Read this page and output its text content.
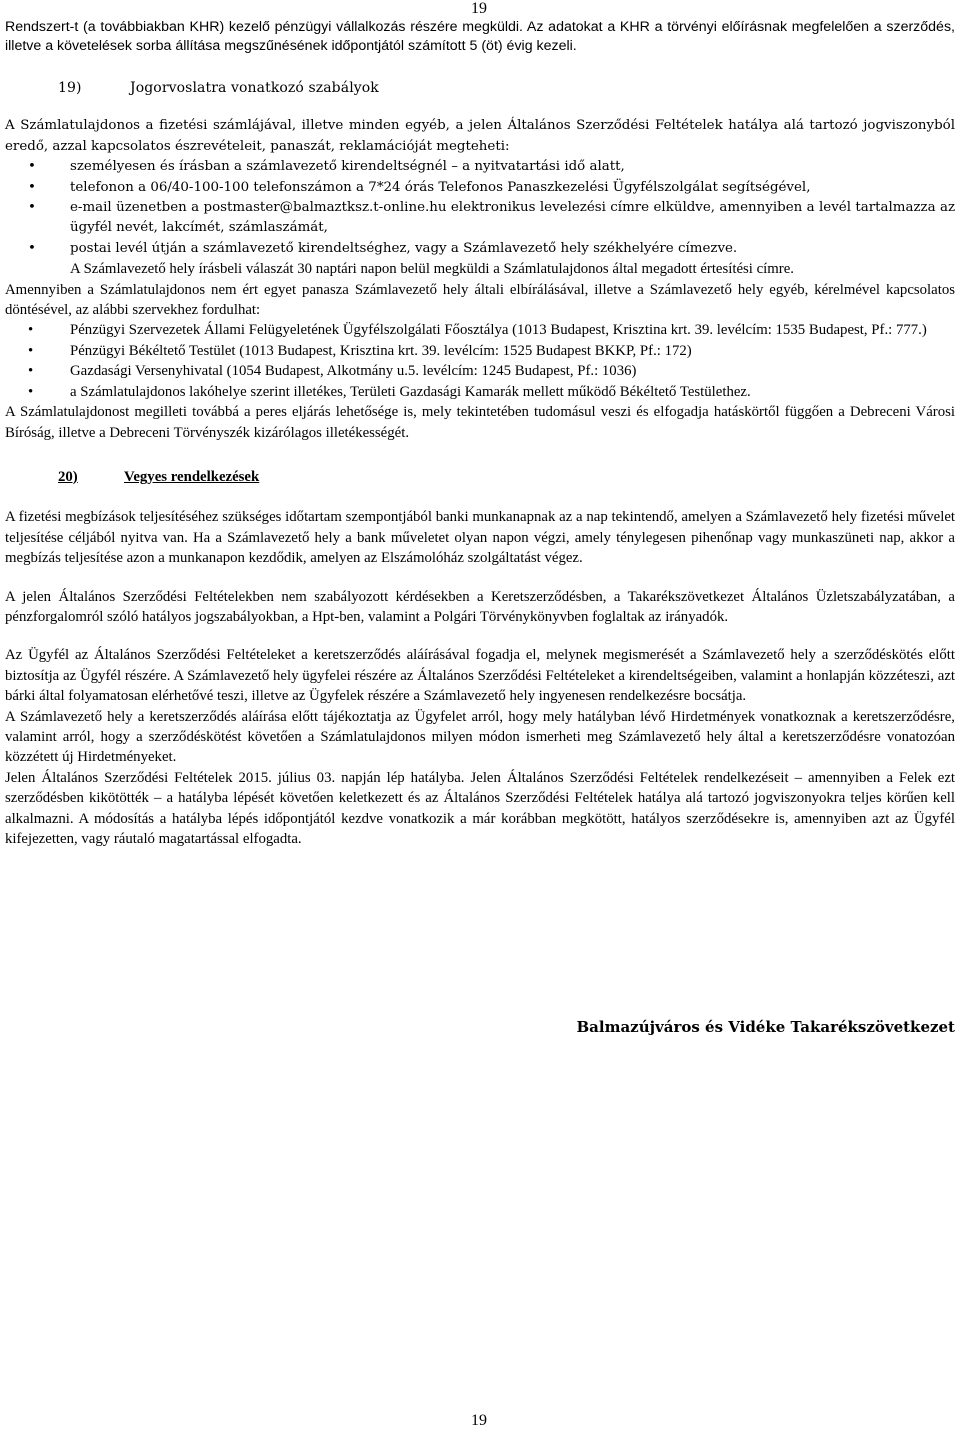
19

Rendszert-t (a továbbiakban KHR) kezelő pénzügyi vállalkozás részére megküldi. Az adatokat a KHR a törvényi előírásnak megfelelően a szerződés, illetve a követelések sorba állítása megszűnésének időpontjától számított 5 (öt) évig kezeli.

19)	Jogorvoslatra vonatkozó szabályok

A Számlatulajdonos a fizetési számlájával, illetve minden egyéb, a jelen Általános Szerződési Feltételek hatálya alá tartozó jogviszonyból eredő, azzal kapcsolatos észrevételeit, panaszát, reklamációját megteheti:

•	személyesen és írásban a számlavezető kirendeltségnél – a nyitvatartási idő alatt,
•	telefonon a 06/40-100-100 telefonszámon a 7*24 órás Telefonos Panaszkezelési Ügyfélszolgálat segítségével,
•	e-mail üzenetben a postmaster@balmaztksz.t-online.hu elektronikus levelezési címre elküldve, amennyiben a levél tartalmazza az ügyfél nevét, lakcímét, számlaszámát,
•	postai levél útján a számlavezető kirendeltséghez, vagy a Számlavezető hely székhelyére címezve.

A Számlavezető hely írásbeli válaszát 30 naptári napon belül megküldi a Számlatulajdonos által megadott értesítési címre.

Amennyiben a Számlatulajdonos nem ért egyet panasza Számlavezető hely általi elbírálásával, illetve a Számlavezető hely egyéb, kérelmével kapcsolatos döntésével, az alábbi szervekhez fordulhat:

• Pénzügyi Szervezetek Állami Felügyeletének Ügyfélszolgálati Főosztálya (1013 Budapest, Krisztina krt. 39. levélcím: 1535 Budapest, Pf.: 777.)
• Pénzügyi Békéltető Testület (1013 Budapest, Krisztina krt. 39. levélcím: 1525 Budapest BKKP, Pf.: 172)
• Gazdasági Versenyhivatal (1054 Budapest, Alkotmány u.5. levélcím: 1245 Budapest, Pf.: 1036)
• a Számlatulajdonos lakóhelye szerint illetékes, Területi Gazdasági Kamarák mellett működő Békéltető Testülethez.

A Számlatulajdonost megilleti továbbá a peres eljárás lehetősége is, mely tekintetében tudomásul veszi és elfogadja hatáskörtől függően a Debreceni Városi Bíróság, illetve a Debreceni Törvényszék kizárólagos illetékességét.

20)	Vegyes rendelkezések

A fizetési megbízások teljesítéséhez szükséges időtartam szempontjából banki munkanapnak az a nap tekintendő, amelyen a Számlavezető hely fizetési művelet teljesítése céljából nyitva van. Ha a Számlavezető hely a bank műveletet olyan napon végzi, amely ténylegesen pihenőnap vagy munkaszüneti nap, akkor a megbízás teljesítése azon a munkanapon kezdődik, amelyen az Elszámolóház szolgáltatást végez.

A jelen Általános Szerződési Feltételekben nem szabályozott kérdésekben a Keretszerződésben, a Takarékszövetkezet Általános Üzletszabályzatában, a pénzforgalomról szóló hatályos jogszabályokban, a Hpt-ben, valamint a Polgári Törvénykönyvben foglaltak az irányadók.

Az Ügyfél az Általános Szerződési Feltételeket a keretszerződés aláírásával fogadja el, melynek megismerését a Számlavezető hely a szerződéskötés előtt biztosítja az Ügyfél részére. A Számlavezető hely ügyfelei részére az Általános Szerződési Feltételeket a kirendeltségeiben, valamint a honlapján közzéteszi, azt bárki által folyamatosan elérhetővé teszi, illetve az Ügyfelek részére a Számlavezető hely ingyenesen rendelkezésre bocsátja.

A Számlavezető hely a keretszerződés aláírása előtt tájékoztatja az Ügyfelet arról, hogy mely hatályban lévő Hirdetmények vonatkoznak a keretszerződésre, valamint arról, hogy a szerződéskötést követően a Számlatulajdonos milyen módon ismerheti meg Számlavezető hely által a keretszerződésre vonatozóan közzétett új Hirdetményeket.

Jelen Általános Szerződési Feltételek 2015. július 03. napján lép hatályba. Jelen Általános Szerződési Feltételek rendelkezéseit – amennyiben a Felek ezt szerződésben kikötötték – a hatályba lépését követően keletkezett és az Általános Szerződési Feltételek hatálya alá tartozó jogviszonyokra teljes körűen kell alkalmazni. A módosítás a hatályba lépés időpontjától kezdve vonatkozik a már korábban megkötött, hatályos szerződésekre is, amennyiben azt az Ügyfél kifejezetten, vagy ráutaló magatartással elfogadta.

Balmazújváros és Vidéke Takarékszövetkezet
19
